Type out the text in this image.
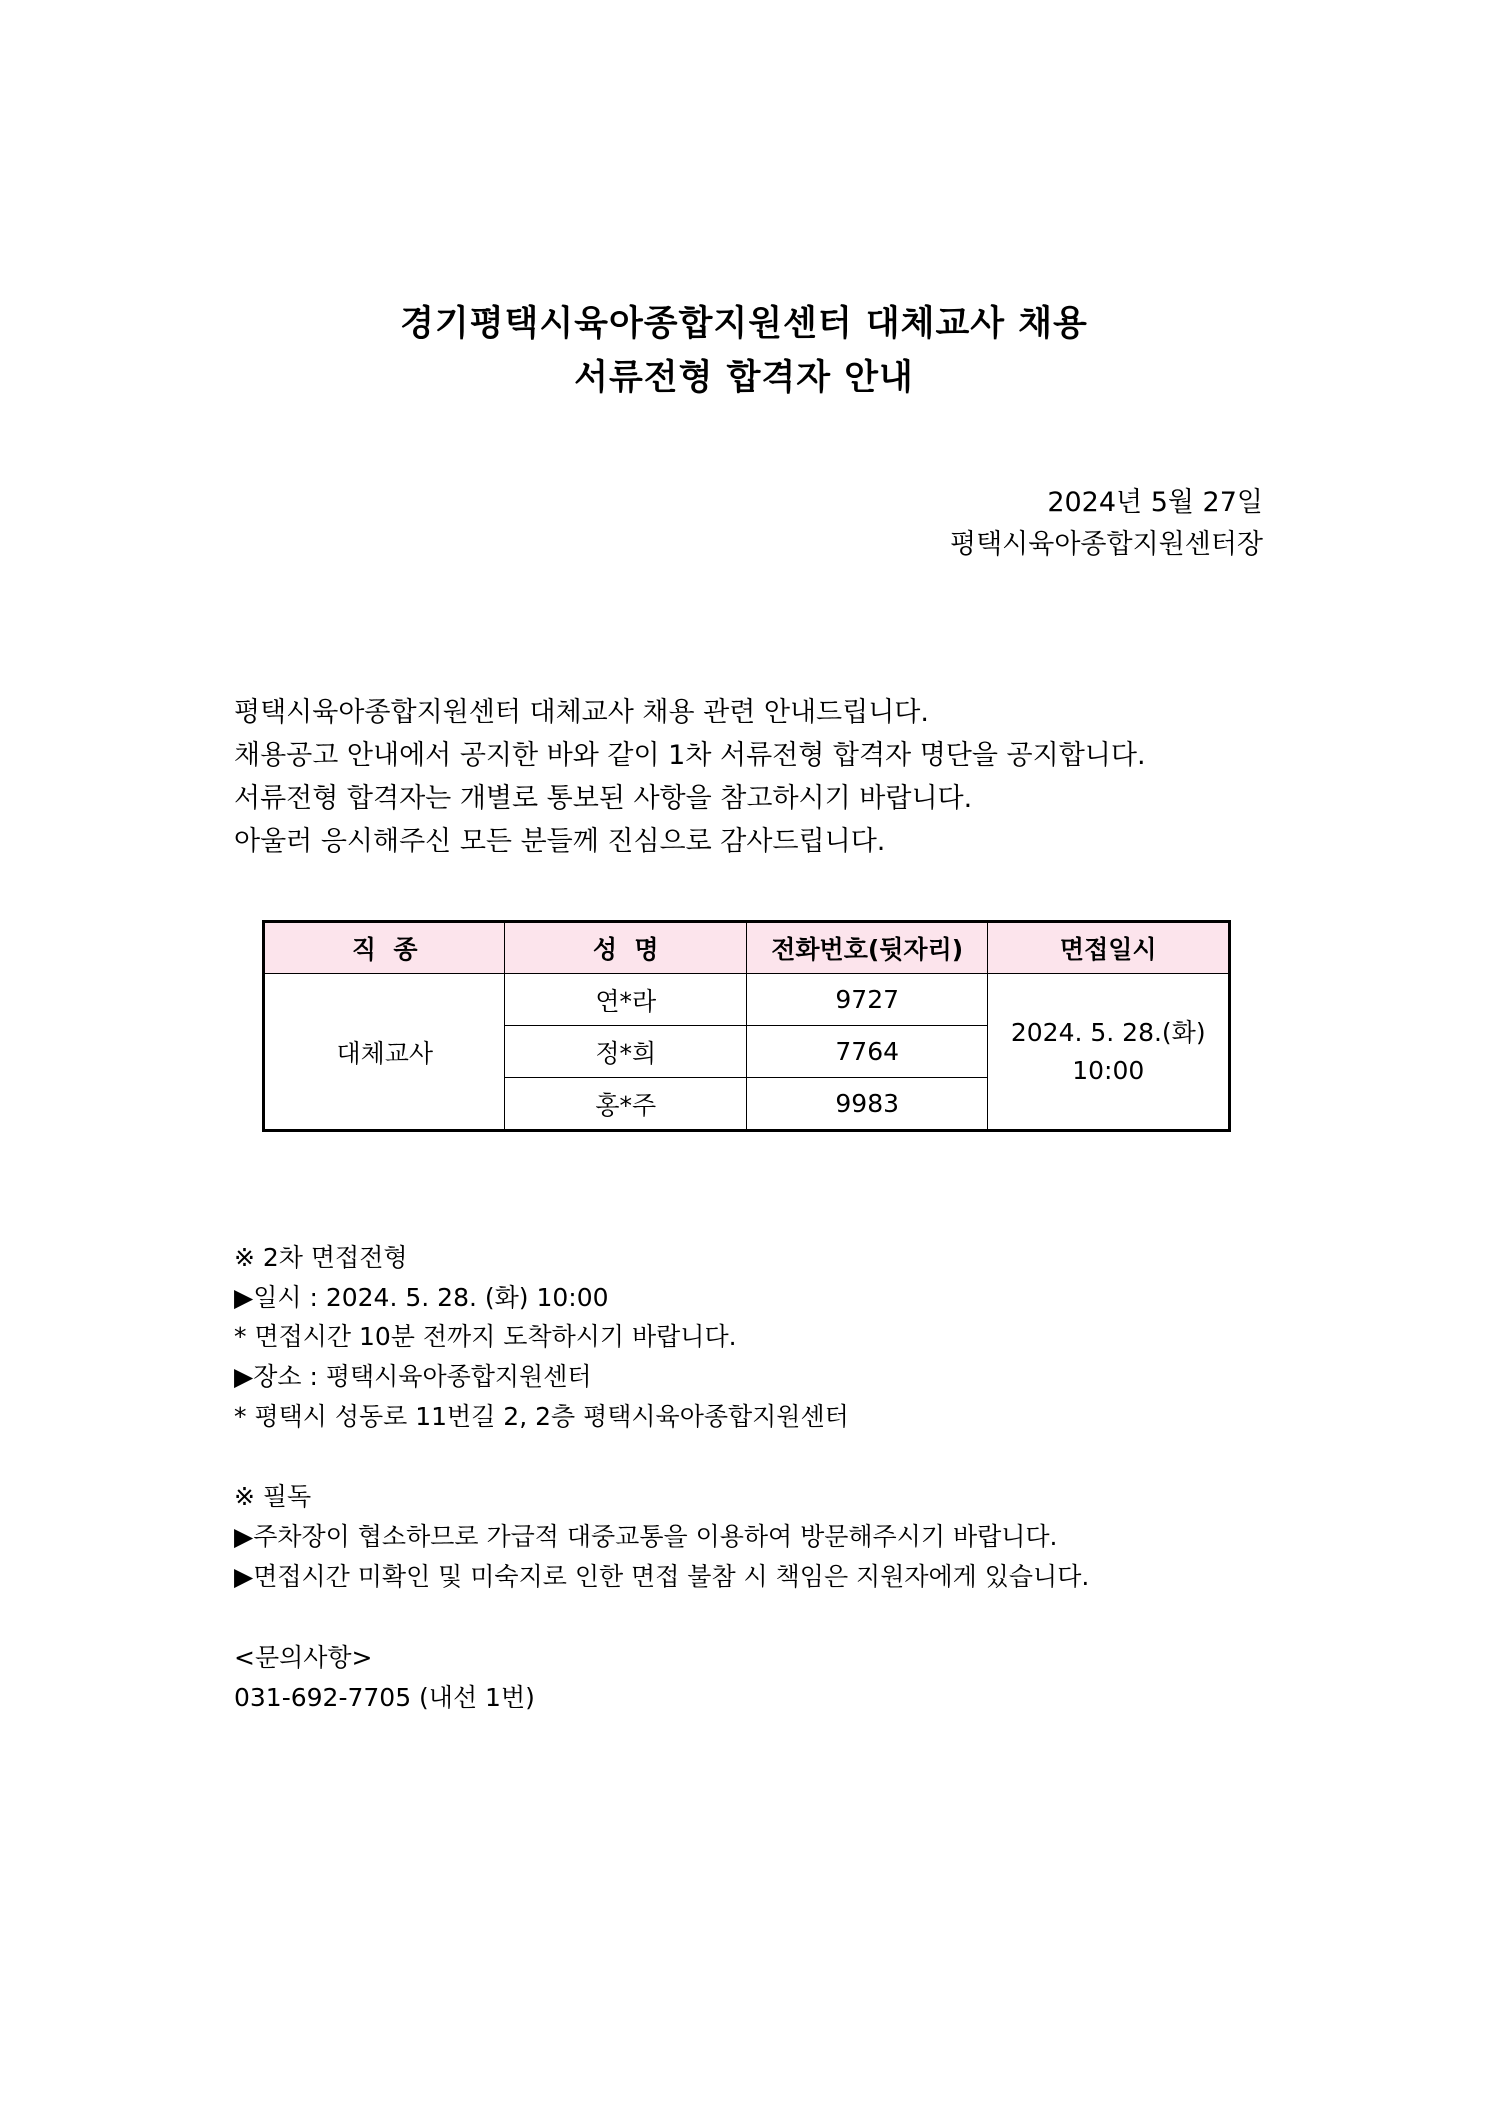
경기평택시육아종합지원센터 대체교사 채용
서류전형 합격자 안내
2024년 5월 27일
평택시육아종합지원센터장
평택시육아종합지원센터 대체교사 채용 관련 안내드립니다.
채용공고 안내에서 공지한 바와 같이 1차 서류전형 합격자 명단을 공지합니다.
서류전형 합격자는 개별로 통보된 사항을 참고하시기 바랍니다.
아울러 응시해주신 모든 분들께 진심으로 감사드립니다.
직  종	성  명	전화번호(뒷자리)	면접일시
대체교사	연*라	9727	2024. 5. 28.(화)
10:00

	정*희	7764	
	홍*주	9983	
※ 2차 면접전형
▶일시 : 2024. 5. 28. (화) 10:00
* 면접시간 10분 전까지 도착하시기 바랍니다.
▶장소 : 평택시육아종합지원센터
* 평택시 성동로 11번길 2, 2층 평택시육아종합지원센터
※ 필독
▶주차장이 협소하므로 가급적 대중교통을 이용하여 방문해주시기 바랍니다.
▶면접시간 미확인 및 미숙지로 인한 면접 불참 시 책임은 지원자에게 있습니다.
<문의사항>
031-692-7705 (내선 1번)
